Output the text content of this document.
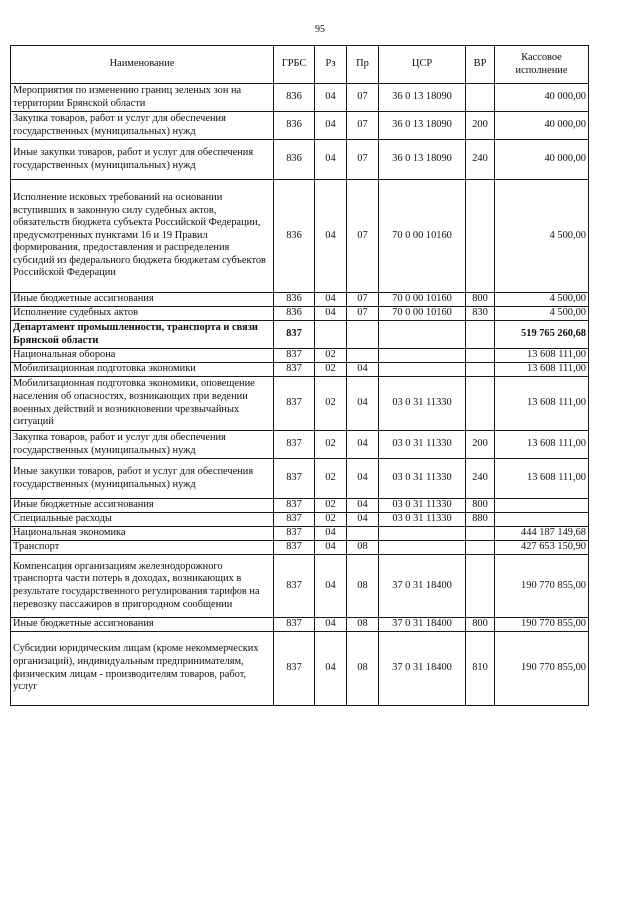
95
Наименование	ГРБС	Рз	Пр	ЦСР	ВР	Кассовое исполнение
Мероприятия по изменению границ зеленых зон на территории Брянской области	836	04	07	36 0 13 18090		40 000,00
Закупка товаров, работ и услуг для обеспечения государственных (муниципальных) нужд	836	04	07	36 0 13 18090	200	40 000,00
Иные закупки товаров, работ и услуг для обеспечения государственных (муниципальных) нужд	836	04	07	36 0 13 18090	240	40 000,00
Исполнение исковых требований на основании вступивших в законную силу судебных актов, обязательств бюджета субъекта Российской Федерации, предусмотренных пунктами 16 и 19 Правил формирования, предоставления и распределения субсидий из федерального бюджета бюджетам субъектов Российской Федерации	836	04	07	70 0 00 10160		4 500,00
Иные бюджетные ассигнования	836	04	07	70 0 00 10160	800	4 500,00
Исполнение судебных актов	836	04	07	70 0 00 10160	830	4 500,00
Департамент промышленности, транспорта и связи Брянской области	837					519 765 260,68
Национальная оборона	837	02				13 608 111,00
Мобилизационная подготовка экономики	837	02	04			13 608 111,00
Мобилизационная подготовка экономики, оповещение населения об опасностях, возникающих при ведении военных действий и возникновении чрезвычайных ситуаций	837	02	04	03 0 31 11330		13 608 111,00
Закупка товаров, работ и услуг для обеспечения государственных (муниципальных) нужд	837	02	04	03 0 31 11330	200	13 608 111,00
Иные закупки товаров, работ и услуг для обеспечения государственных (муниципальных) нужд	837	02	04	03 0 31 11330	240	13 608 111,00
Иные бюджетные ассигнования	837	02	04	03 0 31 11330	800	
Специальные расходы	837	02	04	03 0 31 11330	880	
Национальная экономика	837	04				444 187 149,68
Транспорт	837	04	08			427 653 150,90
Компенсация организациям железнодорожного транспорта части потерь в доходах, возникающих в результате государственного регулирования тарифов на перевозку пассажиров в пригородном сообщении	837	04	08	37 0 31 18400		190 770 855,00
Иные бюджетные ассигнования	837	04	08	37 0 31 18400	800	190 770 855,00
Субсидии юридическим лицам (кроме некоммерческих организаций), индивидуальным предпринимателям, физическим лицам - производителям товаров, работ, услуг	837	04	08	37 0 31 18400	810	190 770 855,00
